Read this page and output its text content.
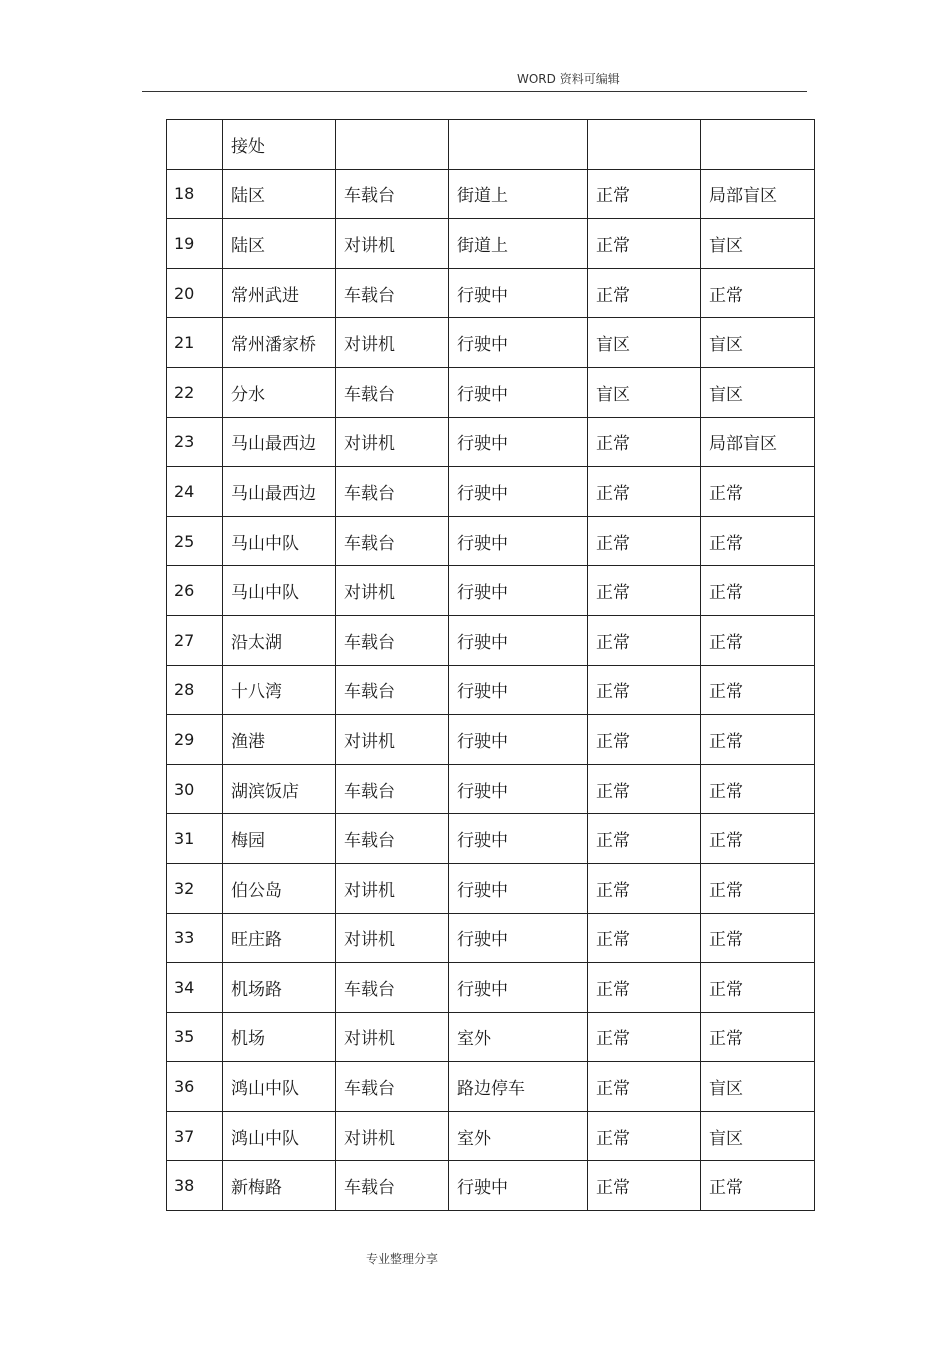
WORD 资料可编辑
	接处				
18	陆区	车载台	街道上	正常	局部盲区
19	陆区	对讲机	街道上	正常	盲区
20	常州武进	车载台	行驶中	正常	正常
21	常州潘家桥	对讲机	行驶中	盲区	盲区
22	分水	车载台	行驶中	盲区	盲区
23	马山最西边	对讲机	行驶中	正常	局部盲区
24	马山最西边	车载台	行驶中	正常	正常
25	马山中队	车载台	行驶中	正常	正常
26	马山中队	对讲机	行驶中	正常	正常
27	沿太湖	车载台	行驶中	正常	正常
28	十八湾	车载台	行驶中	正常	正常
29	渔港	对讲机	行驶中	正常	正常
30	湖滨饭店	车载台	行驶中	正常	正常
31	梅园	车载台	行驶中	正常	正常
32	伯公岛	对讲机	行驶中	正常	正常
33	旺庄路	对讲机	行驶中	正常	正常
34	机场路	车载台	行驶中	正常	正常
35	机场	对讲机	室外	正常	正常
36	鸿山中队	车载台	路边停车	正常	盲区
37	鸿山中队	对讲机	室外	正常	盲区
38	新梅路	车载台	行驶中	正常	正常
专业整理分享
